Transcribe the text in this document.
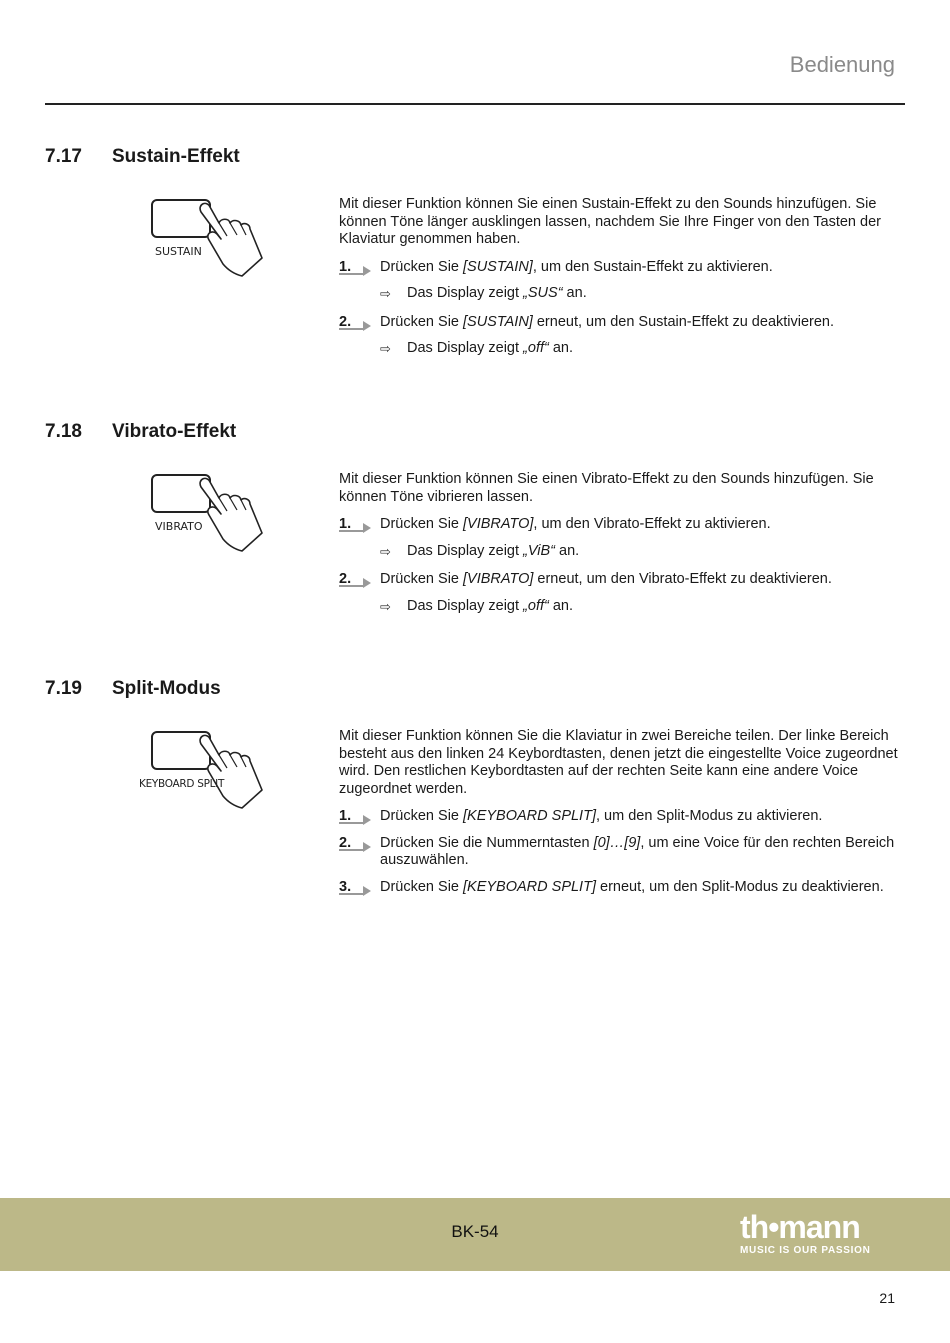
Bedienung
7.17 Sustain-Effekt
SUSTAIN

Mit dieser Funktion können Sie einen Sustain-Effekt zu den Sounds hinzufügen. Sie können Töne länger ausklingen lassen, nachdem Sie Ihre Finger von den Tasten der Klaviatur genommen haben.

1. Drücken Sie [SUSTAIN], um den Sustain-Effekt zu aktivieren.
⇨ Das Display zeigt „SUS“ an.
2. Drücken Sie [SUSTAIN] erneut, um den Sustain-Effekt zu deaktivieren.
⇨ Das Display zeigt „off“ an.
7.18 Vibrato-Effekt
VIBRATO

Mit dieser Funktion können Sie einen Vibrato-Effekt zu den Sounds hinzufügen. Sie können Töne vibrieren lassen.

1. Drücken Sie [VIBRATO], um den Vibrato-Effekt zu aktivieren.
⇨ Das Display zeigt „ViB“ an.
2. Drücken Sie [VIBRATO] erneut, um den Vibrato-Effekt zu deaktivieren.
⇨ Das Display zeigt „off“ an.
7.19 Split-Modus
KEYBOARD SPLIT

Mit dieser Funktion können Sie die Klaviatur in zwei Bereiche teilen. Der linke Bereich besteht aus den linken 24 Keybordtasten, denen jetzt die eingestellte Voice zugeordnet wird. Den restlichen Keybordtasten auf der rechten Seite kann eine andere Voice zugeordnet werden.

1. Drücken Sie [KEYBOARD SPLIT], um den Split-Modus zu aktivieren.
2. Drücken Sie die Nummerntasten [0]…[9], um eine Voice für den rechten Bereich auszuwählen.
3. Drücken Sie [KEYBOARD SPLIT] erneut, um den Split-Modus zu deaktivieren.
BK-54	th•mann
MUSIC IS OUR PASSION
21
